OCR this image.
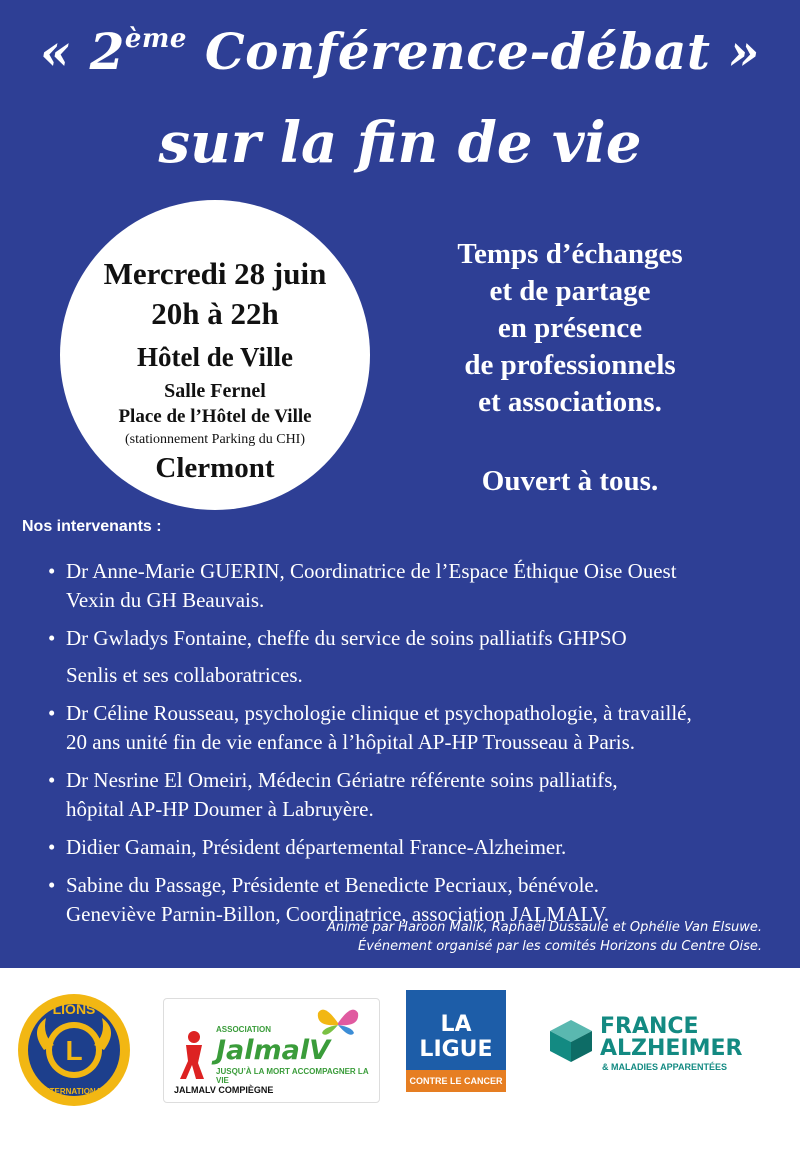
« 2ème Conférence-débat »
sur la fin de vie
Mercredi 28 juin
20h à 22h
Hôtel de Ville
Salle Fernel
Place de l’Hôtel de Ville
(stationnement Parking du CHI)
Clermont
Temps d’échanges
et de partage
en présence
de professionnels
et associations.
Ouvert à tous.
Nos intervenants :
• Dr Anne-Marie GUERIN, Coordinatrice de l’Espace Éthique Oise Ouest
Vexin du GH Beauvais.
• Dr Gwladys Fontaine, cheffe du service de soins palliatifs GHPSO
Senlis et ses collaboratrices.
• Dr Céline Rousseau, psychologie clinique et psychopathologie, à travaillé,
20 ans unité fin de vie enfance à l’hôpital AP-HP Trousseau à Paris.
• Dr Nesrine El Omeiri, Médecin Gériatre référente soins palliatifs,
hôpital AP-HP Doumer à Labruyère.
• Didier Gamain, Président départemental France-Alzheimer.
• Sabine du Passage, Présidente et Benedicte Pecriaux, bénévole.
Geneviève Parnin-Billon, Coordinatrice, association JALMALV.
Animé par Haroon Malik, Raphaël Dussaule et Ophélie Van Elsuwe.
Événement organisé par les comités Horizons du Centre Oise.
L
LIONS
INTERNATIONAL
ASSOCIATION
JalmalV
JUSQU’À LA MORT ACCOMPAGNER LA VIE
JALMALV COMPIÈGNE
LA LIGUE
CONTRE LE CANCER
FRANCE
ALZHEIMER
& MALADIES APPARENTÉES
